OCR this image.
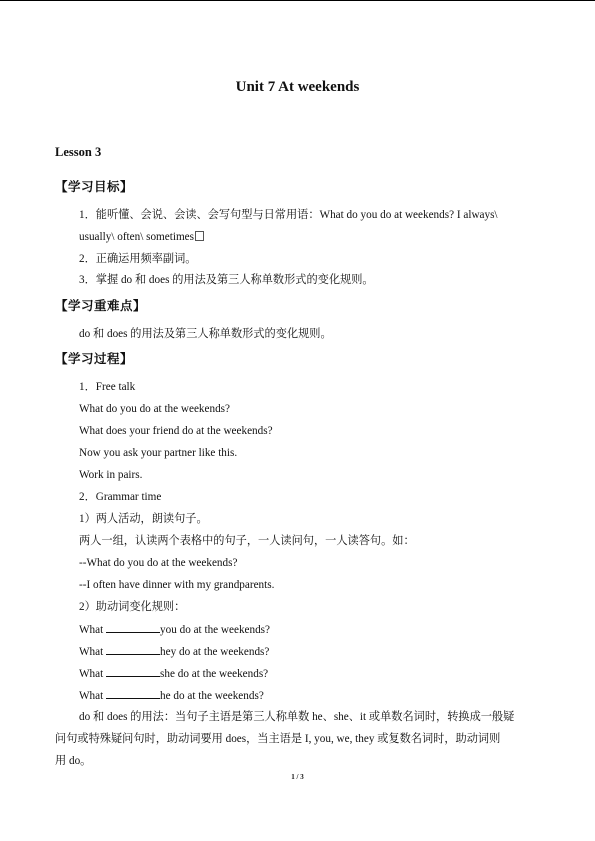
Unit 7 At weekends
Lesson 3
【学习目标】
1．能听懂、会说、会读、会写句型与日常用语：What do you do at weekends? I always\
usually\ often\ sometimes
2．正确运用频率副词。
3．掌握 do 和 does 的用法及第三人称单数形式的变化规则。
【学习重难点】
do 和 does 的用法及第三人称单数形式的变化规则。
【学习过程】
1．Free talk
What do you do at the weekends?
What does your friend do at the weekends?
Now you ask your partner like this.
Work in pairs.
2．Grammar time
1）两人活动，朗读句子。
两人一组，认读两个表格中的句子，一人读问句，一人读答句。如：
--What do you do at the weekends?
--I often have dinner with my grandparents.
2）助动词变化规则：
What	you do at the weekends?
What	hey do at the weekends?
What	she do at the weekends?
What	he do at the weekends?
do 和 does 的用法：当句子主语是第三人称单数 he、she、it 或单数名词时，转换成一般疑
问句或特殊疑问句时，助动词要用 does，当主语是 I, you, we, they 或复数名词时，助动词则
用 do。
1 / 3
